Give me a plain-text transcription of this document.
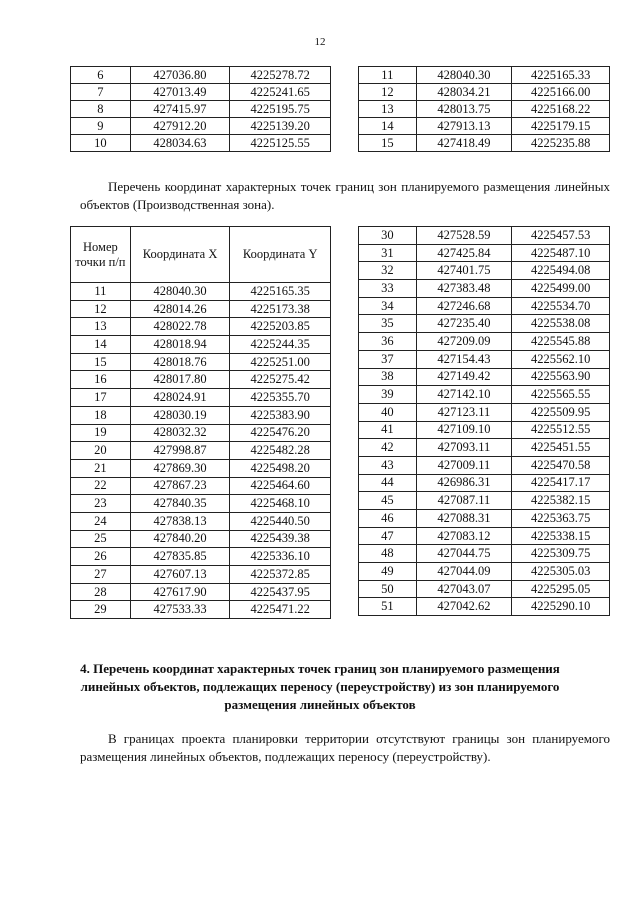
12
6	427036.80	4225278.72
7	427013.49	4225241.65
8	427415.97	4225195.75
9	427912.20	4225139.20
10	428034.63	4225125.55
11	428040.30	4225165.33
12	428034.21	4225166.00
13	428013.75	4225168.22
14	427913.13	4225179.15
15	427418.49	4225235.88
Перечень координат характерных точек границ зон планируемого размещения линейных объектов (Производственная зона).
Номер точки п/п	Координата X	Координата Y
11	428040.30	4225165.35
12	428014.26	4225173.38
13	428022.78	4225203.85
14	428018.94	4225244.35
15	428018.76	4225251.00
16	428017.80	4225275.42
17	428024.91	4225355.70
18	428030.19	4225383.90
19	428032.32	4225476.20
20	427998.87	4225482.28
21	427869.30	4225498.20
22	427867.23	4225464.60
23	427840.35	4225468.10
24	427838.13	4225440.50
25	427840.20	4225439.38
26	427835.85	4225336.10
27	427607.13	4225372.85
28	427617.90	4225437.95
29	427533.33	4225471.22
30	427528.59	4225457.53
31	427425.84	4225487.10
32	427401.75	4225494.08
33	427383.48	4225499.00
34	427246.68	4225534.70
35	427235.40	4225538.08
36	427209.09	4225545.88
37	427154.43	4225562.10
38	427149.42	4225563.90
39	427142.10	4225565.55
40	427123.11	4225509.95
41	427109.10	4225512.55
42	427093.11	4225451.55
43	427009.11	4225470.58
44	426986.31	4225417.17
45	427087.11	4225382.15
46	427088.31	4225363.75
47	427083.12	4225338.15
48	427044.75	4225309.75
49	427044.09	4225305.03
50	427043.07	4225295.05
51	427042.62	4225290.10
4. Перечень координат характерных точек границ зон планируемого размещения линейных объектов, подлежащих переносу (переустройству) из зон планируемого размещения линейных объектов
В границах проекта планировки территории отсутствуют границы зон планируемого размещения линейных объектов, подлежащих переносу (переустройству).
